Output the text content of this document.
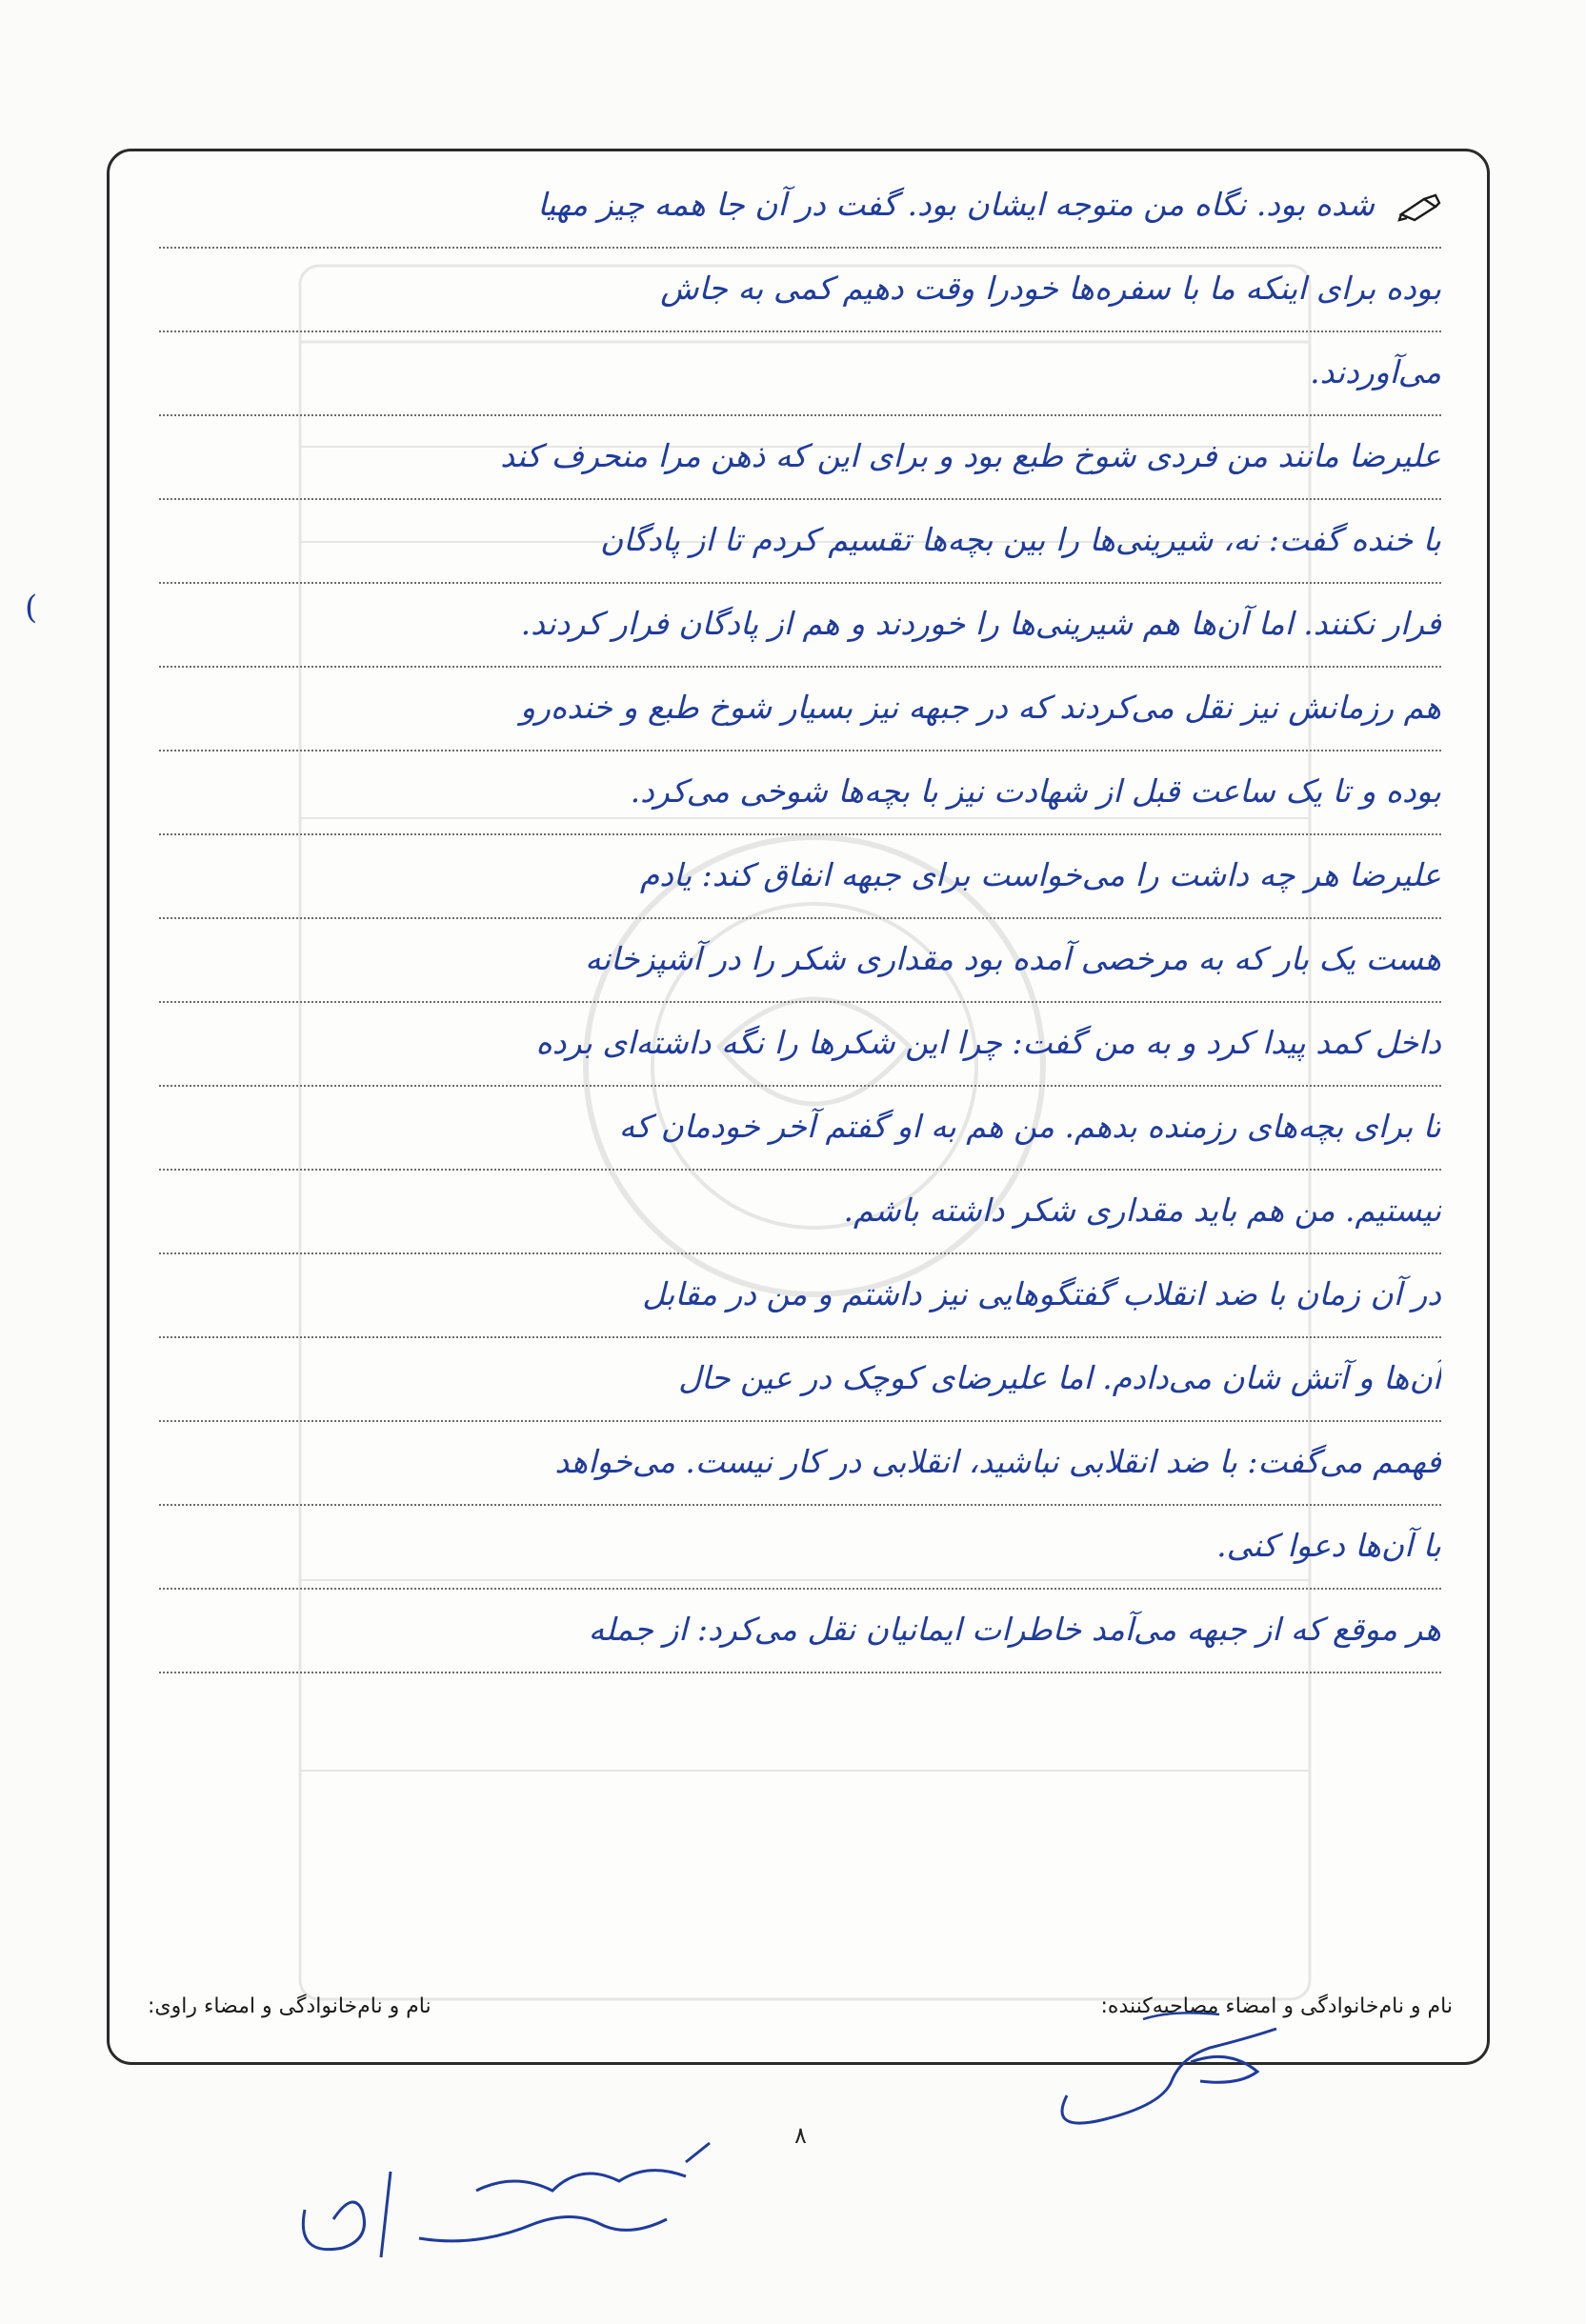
شده بود. نگاه من متوجه ایشان بود. گفت در آن جا همه چیز مهیا
بوده برای اینکه ما با سفره‌ها خودرا وقت دهیم کمی به جاش
می‌آوردند.
علیرضا مانند من فردی شوخ طبع بود و برای این که ذهن مرا منحرف کند
با خنده گفت: نه، شیرینی‌ها را بین بچه‌ها تقسیم کردم تا از پادگان
فرار نکنند. اما آن‌ها هم شیرینی‌ها را خوردند و هم از پادگان فرار کردند.
هم رزمانش نیز نقل می‌کردند که در جبهه نیز بسیار شوخ طبع و خنده‌رو
بوده و تا یک ساعت قبل از شهادت نیز با بچه‌ها شوخی می‌کرد.
علیرضا هر چه داشت را می‌خواست برای جبهه انفاق کند: یادم
هست یک بار که به مرخصی آمده بود مقداری شکر را در آشپزخانه
داخل کمد پیدا کرد و به من گفت: چرا این شکرها را نگه داشته‌ای برده
تا برای بچه‌های رزمنده بدهم. من هم به او گفتم آخر خودمان که
نیستیم. من هم باید مقداری شکر داشته باشم.
در آن زمان با ضد انقلاب گفتگوهایی نیز داشتم و من در مقابل
آن‌ها و آتش شان می‌دادم. اما علیرضای کوچک در عین حال
فهمم می‌گفت: با ضد انقلابی نباشید، انقلابی در کار نیست. می‌خواهد
با آن‌ها دعوا کنی.
هر موقع که از جبهه می‌آمد خاطرات ایمانیان نقل می‌کرد: از جمله
نام و نام‌خانوادگی و امضاء مصاحبه‌کننده:
نام و نام‌خانوادگی و امضاء راوی:
۸
(
